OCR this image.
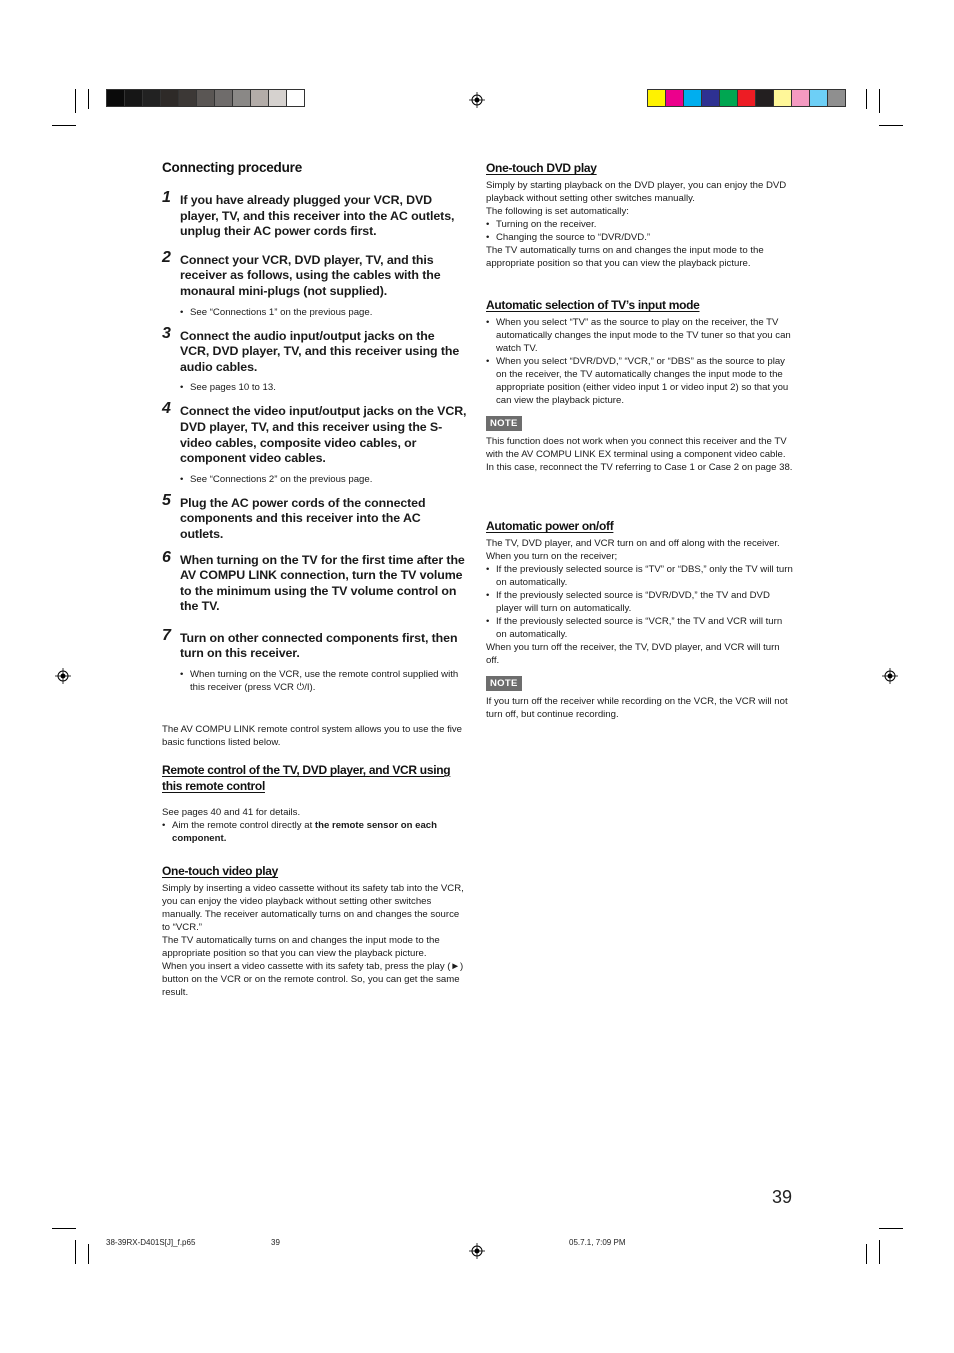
Connecting procedure
1 If you have already plugged your VCR, DVD player, TV, and this receiver into the AC outlets, unplug their AC power cords first.
2 Connect your VCR, DVD player, TV, and this receiver as follows, using the cables with the monaural mini-plugs (not supplied).
• See “Connections 1” on the previous page.
3 Connect the audio input/output jacks on the VCR, DVD player, TV, and this receiver using the audio cables.
• See pages 10 to 13.
4 Connect the video input/output jacks on the VCR, DVD player, TV, and this receiver using the S-video cables, composite video cables, or component video cables.
• See “Connections 2” on the previous page.
5 Plug the AC power cords of the connected components and this receiver into the AC outlets.
6 When turning on the TV for the first time after the AV COMPU LINK connection, turn the TV volume to the minimum using the TV volume control on the TV.
7 Turn on other connected components first, then turn on this receiver.
• When turning on the VCR, use the remote control supplied with this receiver (press VCR ⏻/I).

The AV COMPU LINK remote control system allows you to use the five basic functions listed below.

Remote control of the TV, DVD player, and VCR using this remote control

See pages 40 and 41 for details.

• Aim the remote control directly at the remote sensor on each component.
One-touch video play

Simply by inserting a video cassette without its safety tab into the VCR, you can enjoy the video playback without setting other switches manually. The receiver automatically turns on and changes the source to “VCR.”

The TV automatically turns on and changes the input mode to the appropriate position so that you can view the playback picture.

When you insert a video cassette with its safety tab, press the play (►) button on the VCR or on the remote control. So, you can get the same result.

One-touch DVD play

Simply by starting playback on the DVD player, you can enjoy the DVD playback without setting other switches manually.

The following is set automatically:

• Turning on the receiver.
• Changing the source to “DVR/DVD.”

The TV automatically turns on and changes the input mode to the appropriate position so that you can view the playback picture.

Automatic selection of TV’s input mode
• When you select “TV” as the source to play on the receiver, the TV automatically changes the input mode to the TV tuner so that you can watch TV.
• When you select “DVR/DVD,” “VCR,” or “DBS” as the source to play on the receiver, the TV automatically changes the input mode to the appropriate position (either video input 1 or video input 2) so that you can view the playback picture.
NOTE

This function does not work when you connect this receiver and the TV with the AV COMPU LINK EX terminal using a component video cable. In this case, reconnect the TV referring to Case 1 or Case 2 on page 38.

Automatic power on/off

The TV, DVD player, and VCR turn on and off along with the receiver.

When you turn on the receiver;

• If the previously selected source is “TV” or “DBS,” only the TV will turn on automatically.
• If the previously selected source is “DVR/DVD,” the TV and DVD player will turn on automatically.
• If the previously selected source is “VCR,” the TV and VCR will turn on automatically.

When you turn off the receiver, the TV, DVD player, and VCR will turn off.

NOTE

If you turn off the receiver while recording on the VCR, the VCR will not turn off, but continue recording.

39
38-39RX-D401S[J]_f.p65	39	05.7.1, 7:09 PM
